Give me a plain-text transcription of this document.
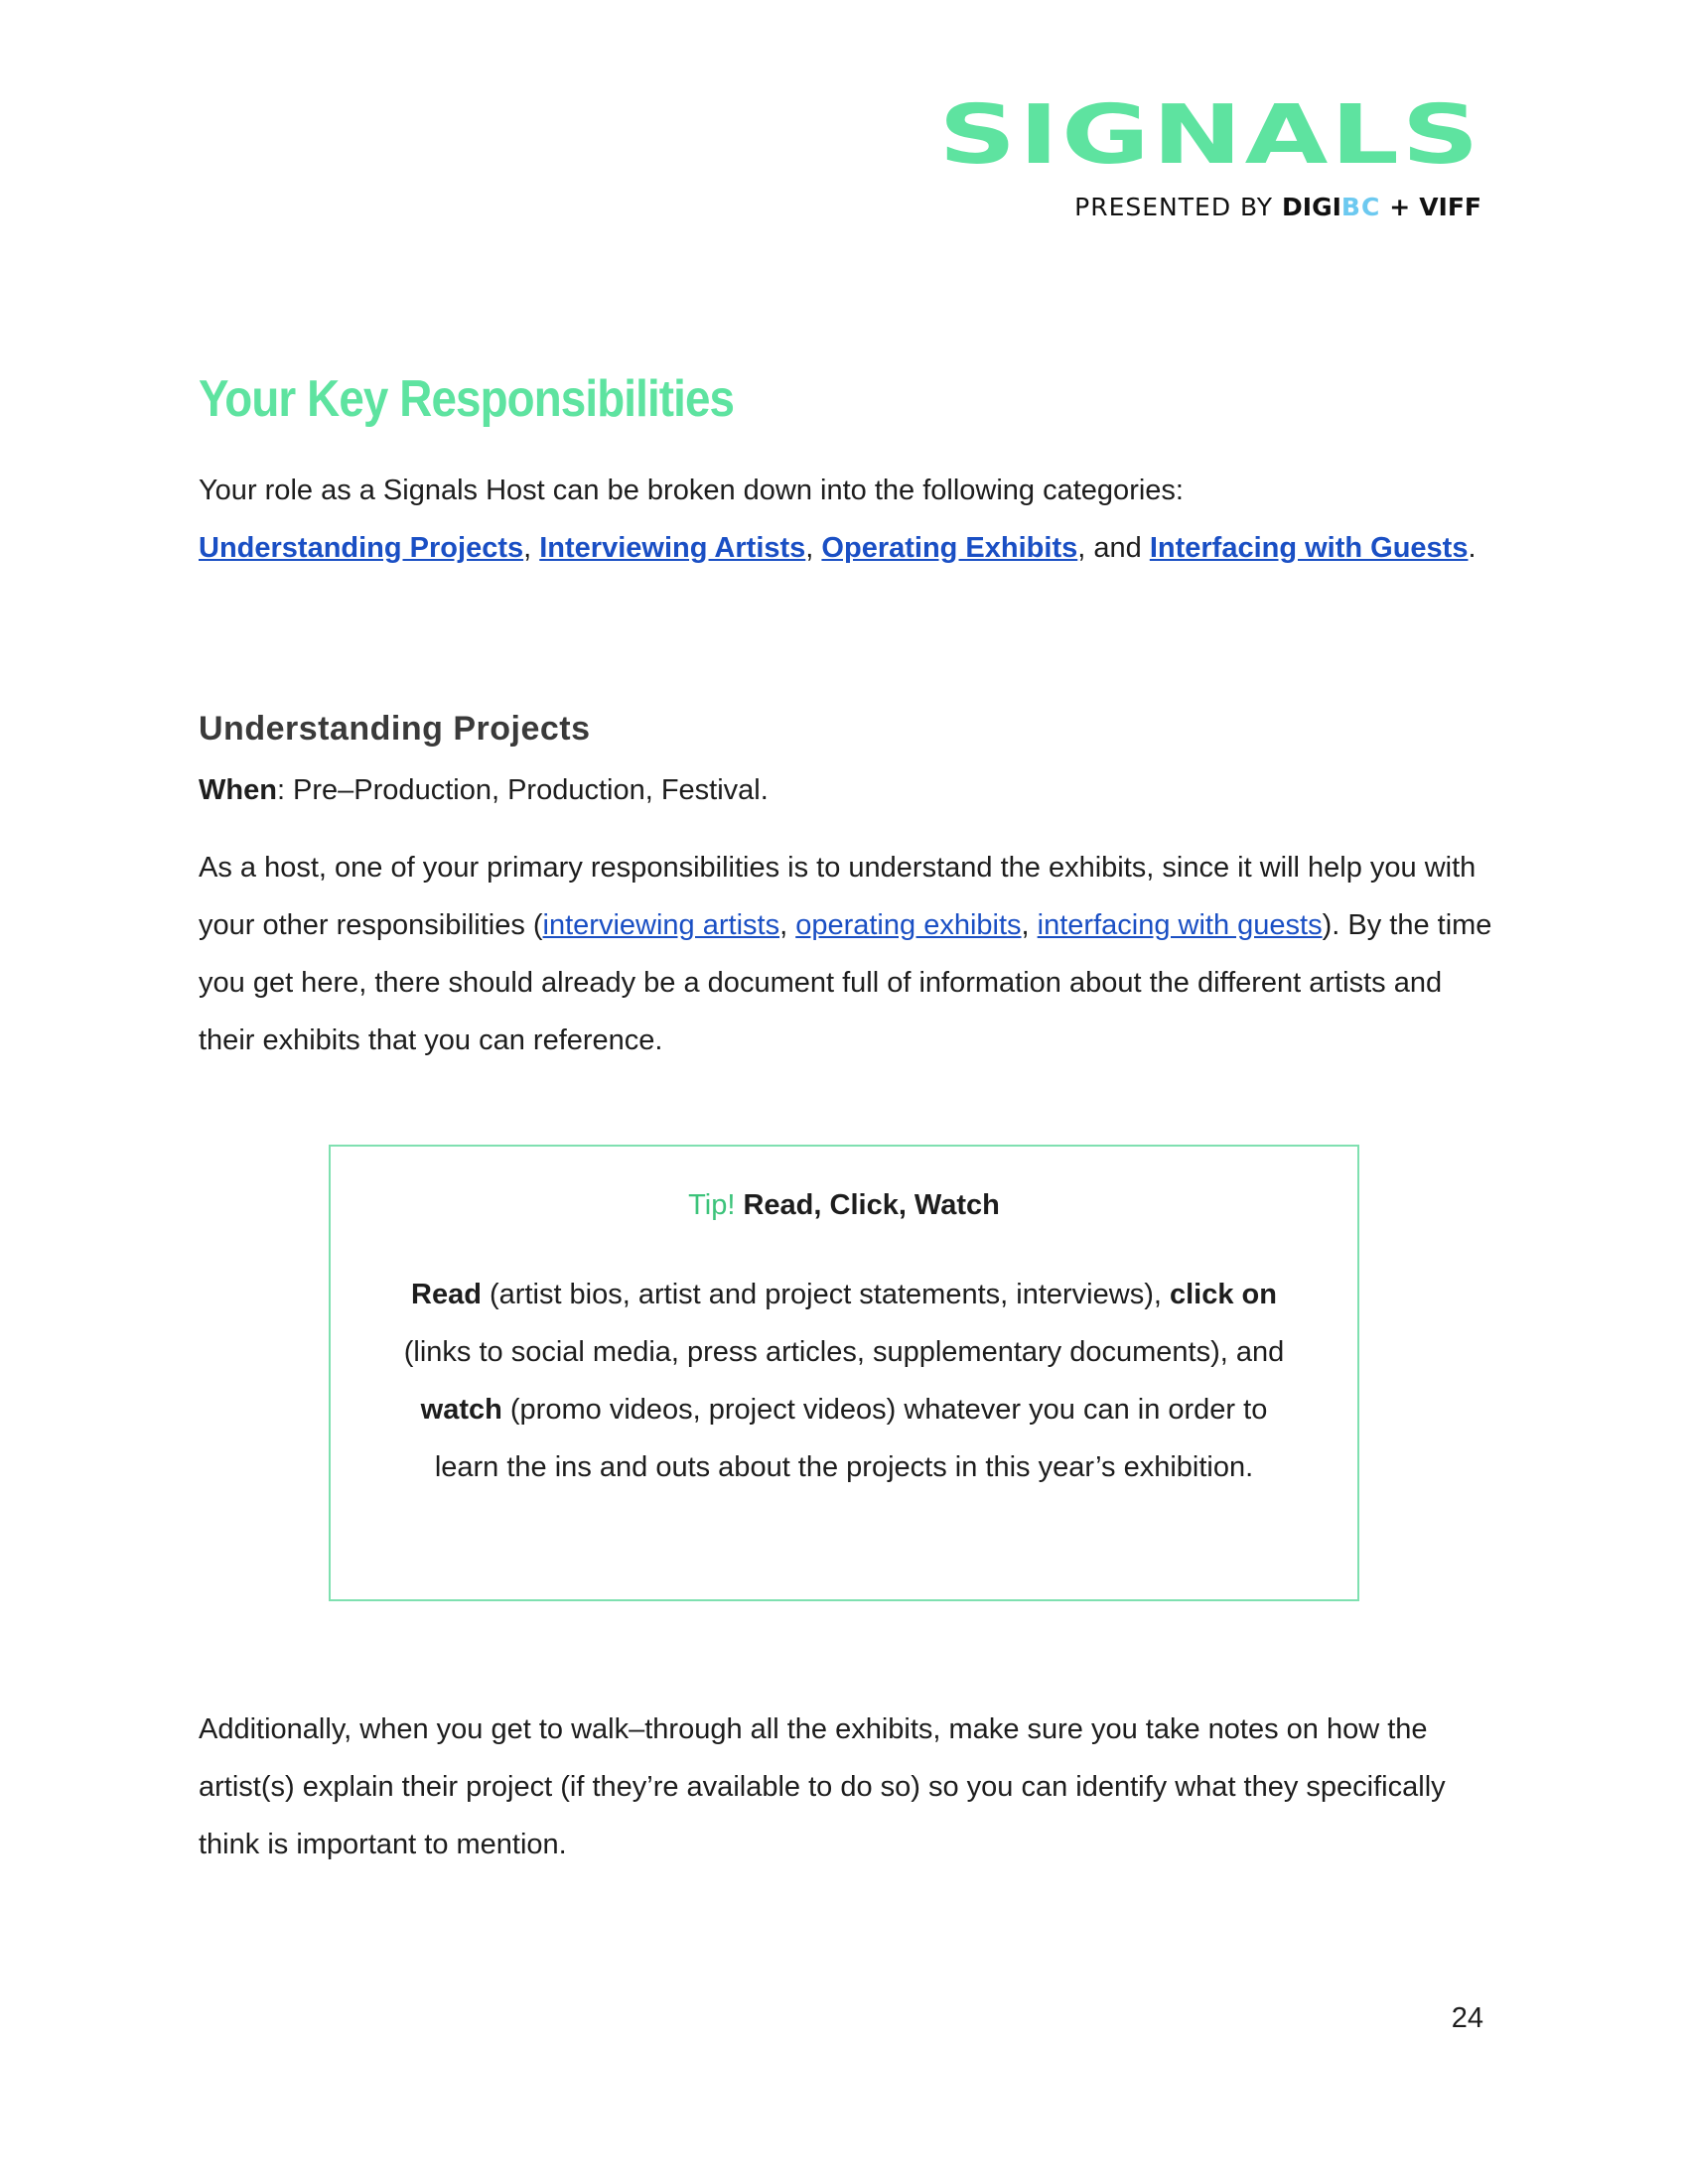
SIGNALS
PRESENTED BY DIGIBC + VIFF
Your Key Responsibilities

Your role as a Signals Host can be broken down into the following categories:
Understanding Projects, Interviewing Artists, Operating Exhibits, and Interfacing with Guests.

Understanding Projects

When: Pre–Production, Production, Festival.

As a host, one of your primary responsibilities is to understand the exhibits, since it will help you with your other responsibilities (interviewing artists, operating exhibits, interfacing with guests). By the time you get here, there should already be a document full of information about the different artists and their exhibits that you can reference.

Tip! Read, Click, Watch

Read (artist bios, artist and project statements, interviews), click on (links to social media, press articles, supplementary documents), and watch (promo videos, project videos) whatever you can in order to learn the ins and outs about the projects in this year’s exhibition.

Additionally, when you get to walk–through all the exhibits, make sure you take notes on how the artist(s) explain their project (if they’re available to do so) so you can identify what they specifically think is important to mention.

24
